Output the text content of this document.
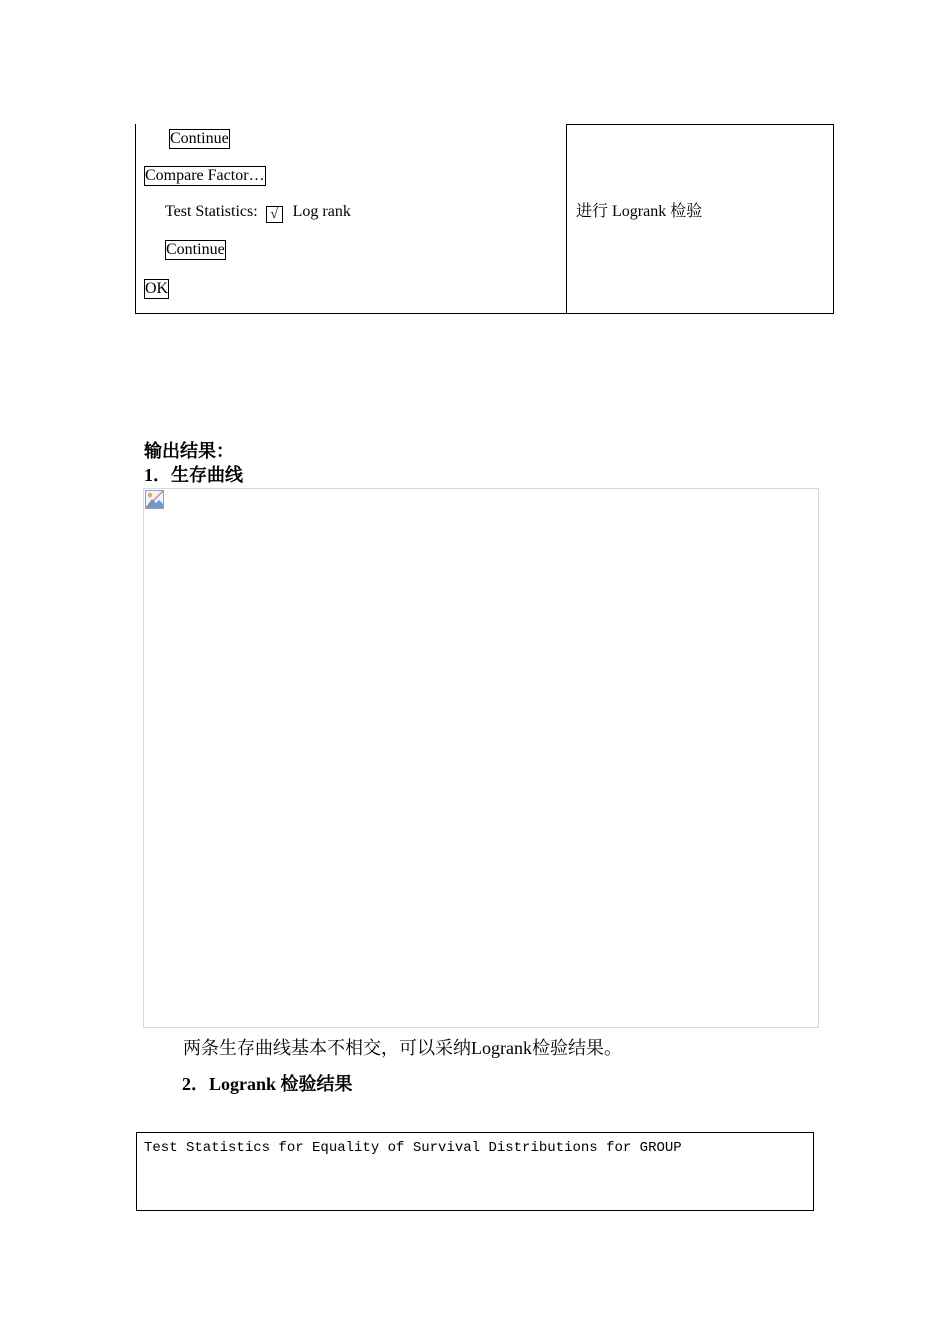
Continue
Compare Factor…
Test Statistics: √ Log rank
Continue
OK
进行 Logrank 检验
输出结果：
1．生存曲线
两条生存曲线基本不相交，可以采纳Logrank检验结果。
2．Logrank 检验结果
Test Statistics for Equality of Survival Distributions for GROUP
